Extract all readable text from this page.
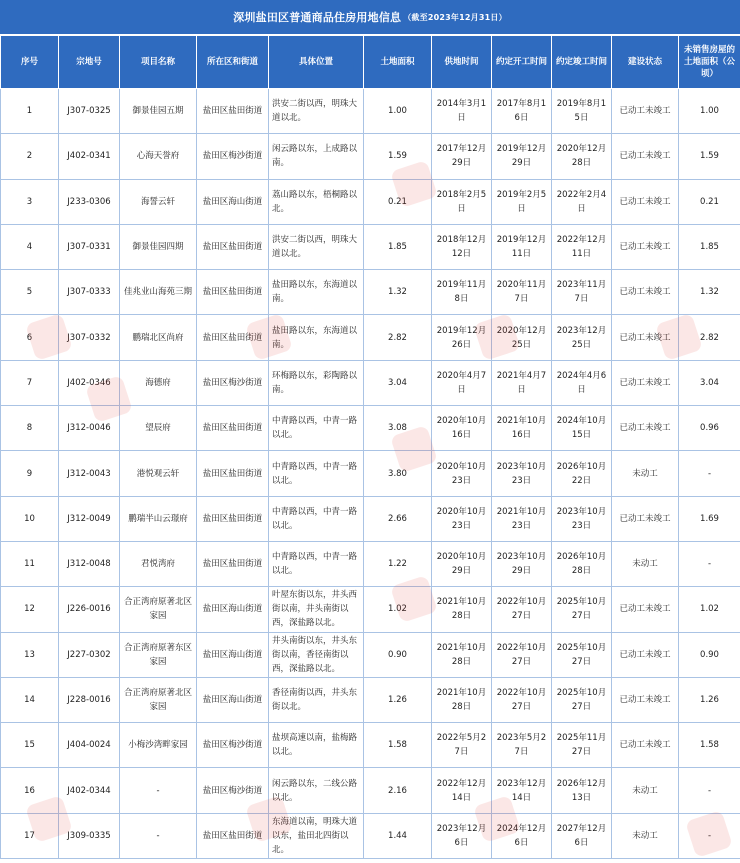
深圳盐田区普通商品住房用地信息 （截至2023年12月31日）
序号	宗地号	项目名称	所在区和街道	具体位置	土地面积	供地时间	约定开工时间	约定竣工时间	建设状态	未销售房屋的土地面积（公顷）
1	J307-0325	御景佳园五期	盐田区盐田街道	洪安二街以西，明珠大道以北。	1.00	2014年3月1日	2017年8月16日	2019年8月15日	已动工未竣工	1.00
2	J402-0341	心海天誉府	盐田区梅沙街道	闲云路以东，上成路以南。	1.59	2017年12月29日	2019年12月29日	2020年12月28日	已动工未竣工	1.59
3	J233-0306	海誓云轩	盐田区海山街道	荔山路以东，梧桐路以北。	0.21	2018年2月5日	2019年2月5日	2022年2月4日	已动工未竣工	0.21
4	J307-0331	御景佳园四期	盐田区盐田街道	洪安二街以西，明珠大道以北。	1.85	2018年12月12日	2019年12月11日	2022年12月11日	已动工未竣工	1.85
5	J307-0333	佳兆业山海苑三期	盐田区盐田街道	盐田路以东，东海道以南。	1.32	2019年11月8日	2020年11月7日	2023年11月7日	已动工未竣工	1.32
6	J307-0332	鹏瑞北区尚府	盐田区盐田街道	盐田路以东，东海道以南。	2.82	2019年12月26日	2020年12月25日	2023年12月25日	已动工未竣工	2.82
7	J402-0346	海德府	盐田区梅沙街道	环梅路以东，彩陶路以南。	3.04	2020年4月7日	2021年4月7日	2024年4月6日	已动工未竣工	3.04
8	J312-0046	望辰府	盐田区盐田街道	中青路以西，中青一路以北。	3.08	2020年10月16日	2021年10月16日	2024年10月15日	已动工未竣工	0.96
9	J312-0043	港悦观云轩	盐田区盐田街道	中青路以西，中青一路以北。	3.80	2020年10月23日	2023年10月23日	2026年10月22日	未动工	-
10	J312-0049	鹏瑞半山云璟府	盐田区盐田街道	中青路以西，中青一路以北。	2.66	2020年10月23日	2021年10月23日	2023年10月23日	已动工未竣工	1.69
11	J312-0048	君悦湾府	盐田区盐田街道	中青路以西，中青一路以北。	1.22	2020年10月29日	2023年10月29日	2026年10月28日	未动工	-
12	J226-0016	合正湾府原著北区家园	盐田区海山街道	叶屋东街以东，井头西街以南，井头南街以西，深盐路以北。	1.02	2021年10月28日	2022年10月27日	2025年10月27日	已动工未竣工	1.02
13	J227-0302	合正湾府原著东区家园	盐田区海山街道	井头南街以东，井头东街以南，香径南街以西，深盐路以北。	0.90	2021年10月28日	2022年10月27日	2025年10月27日	已动工未竣工	0.90
14	J228-0016	合正湾府原著北区家园	盐田区海山街道	香径南街以西，井头东街以北。	1.26	2021年10月28日	2022年10月27日	2025年10月27日	已动工未竣工	1.26
15	J404-0024	小梅沙湾畔家园	盐田区梅沙街道	盐坝高速以南，盐梅路以北。	1.58	2022年5月27日	2023年5月27日	2025年11月27日	已动工未竣工	1.58
16	J402-0344	-	盐田区梅沙街道	闲云路以东，二线公路以北。	2.16	2022年12月14日	2023年12月14日	2026年12月13日	未动工	-
17	J309-0335	-	盐田区盐田街道	东海道以南，明珠大道以东，盐田北四街以北。	1.44	2023年12月6日	2024年12月6日	2027年12月6日	未动工	-
